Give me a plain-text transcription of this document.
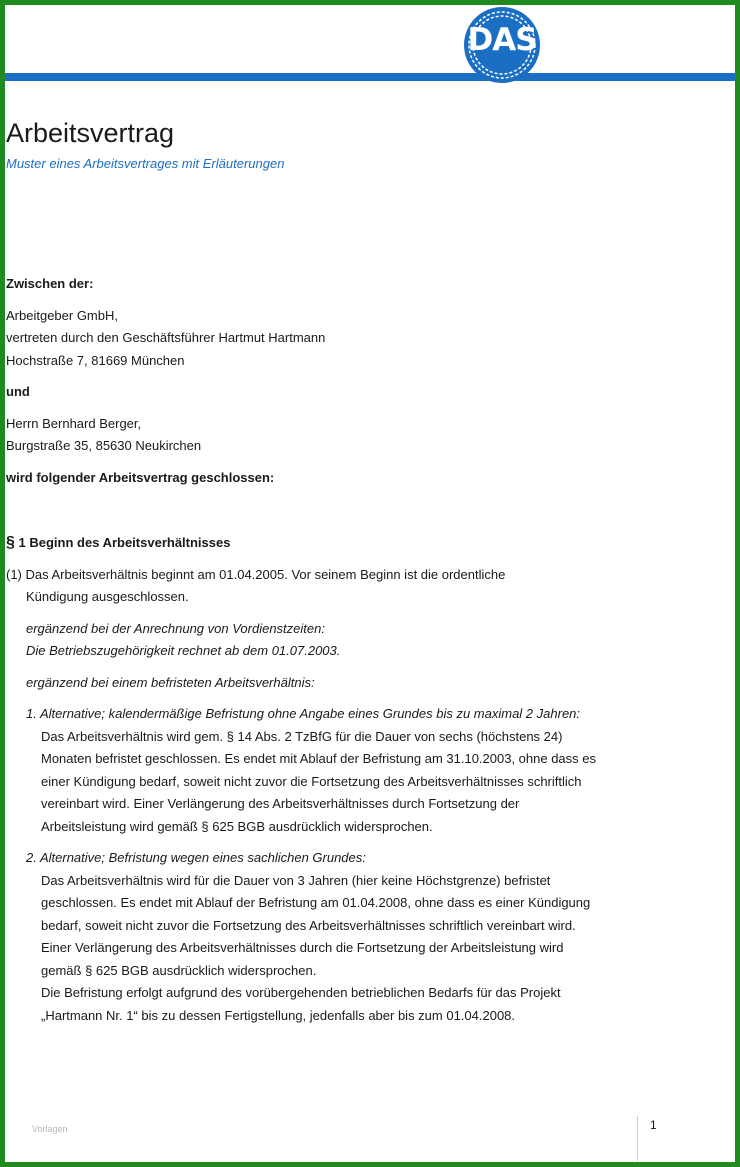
DAS
Arbeitsvertrag
Muster eines Arbeitsvertrages mit Erläuterungen

Zwischen der:

Arbeitgeber GmbH,

vertreten durch den Geschäftsführer Hartmut Hartmann

Hochstraße 7, 81669 München

und

Herrn Bernhard Berger,

Burgstraße 35, 85630 Neukirchen

wird folgender Arbeitsvertrag geschlossen:

§ 1 Beginn des Arbeitsverhältnisses

(1) Das Arbeitsverhältnis beginnt am 01.04.2005. Vor seinem Beginn ist die ordentliche

Kündigung ausgeschlossen.

ergänzend bei der Anrechnung von Vordienstzeiten:

Die Betriebszugehörigkeit rechnet ab dem 01.07.2003.

ergänzend bei einem befristeten Arbeitsverhältnis:

1. Alternative; kalendermäßige Befristung ohne Angabe eines Grundes bis zu maximal 2 Jahren:

Das Arbeitsverhältnis wird gem. § 14 Abs. 2 TzBfG für die Dauer von sechs (höchstens 24)

Monaten befristet geschlossen. Es endet mit Ablauf der Befristung am 31.10.2003, ohne dass es

einer Kündigung bedarf, soweit nicht zuvor die Fortsetzung des Arbeitsverhältnisses schriftlich

vereinbart wird. Einer Verlängerung des Arbeitsverhältnisses durch Fortsetzung der

Arbeitsleistung wird gemäß § 625 BGB ausdrücklich widersprochen.

2. Alternative; Befristung wegen eines sachlichen Grundes:

Das Arbeitsverhältnis wird für die Dauer von 3 Jahren (hier keine Höchstgrenze) befristet

geschlossen. Es endet mit Ablauf der Befristung am 01.04.2008, ohne dass es einer Kündigung

bedarf, soweit nicht zuvor die Fortsetzung des Arbeitsverhältnisses schriftlich vereinbart wird.

Einer Verlängerung des Arbeitsverhältnisses durch die Fortsetzung der Arbeitsleistung wird

gemäß § 625 BGB ausdrücklich widersprochen.

Die Befristung erfolgt aufgrund des vorübergehenden betrieblichen Bedarfs für das Projekt

„Hartmann Nr. 1“ bis zu dessen Fertigstellung, jedenfalls aber bis zum 01.04.2008.

Vorlagen	1
